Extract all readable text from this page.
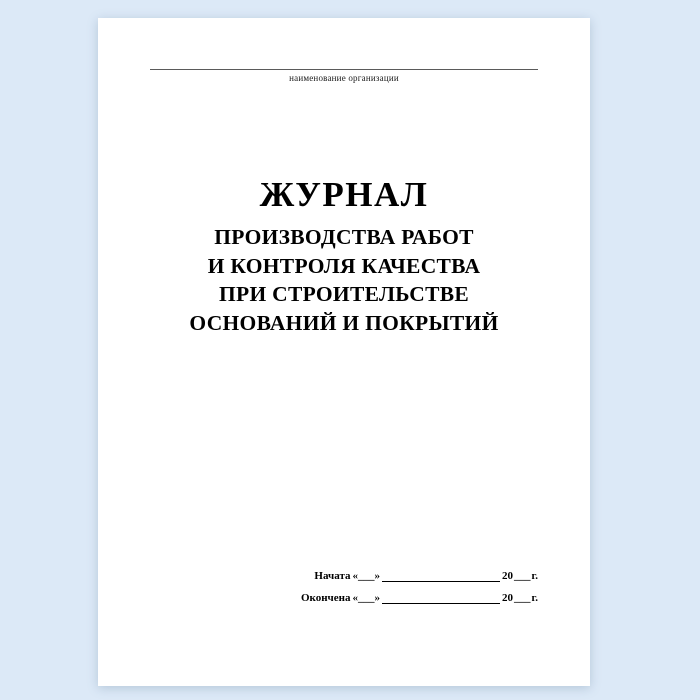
наименование организации
ЖУРНАЛ
ПРОИЗВОДСТВА РАБОТ
И КОНТРОЛЯ КАЧЕСТВА
ПРИ СТРОИТЕЛЬСТВЕ
ОСНОВАНИЙ И ПОКРЫТИЙ
Начата «___»	20 ___ г.
Окончена «___»	20 ___ г.
